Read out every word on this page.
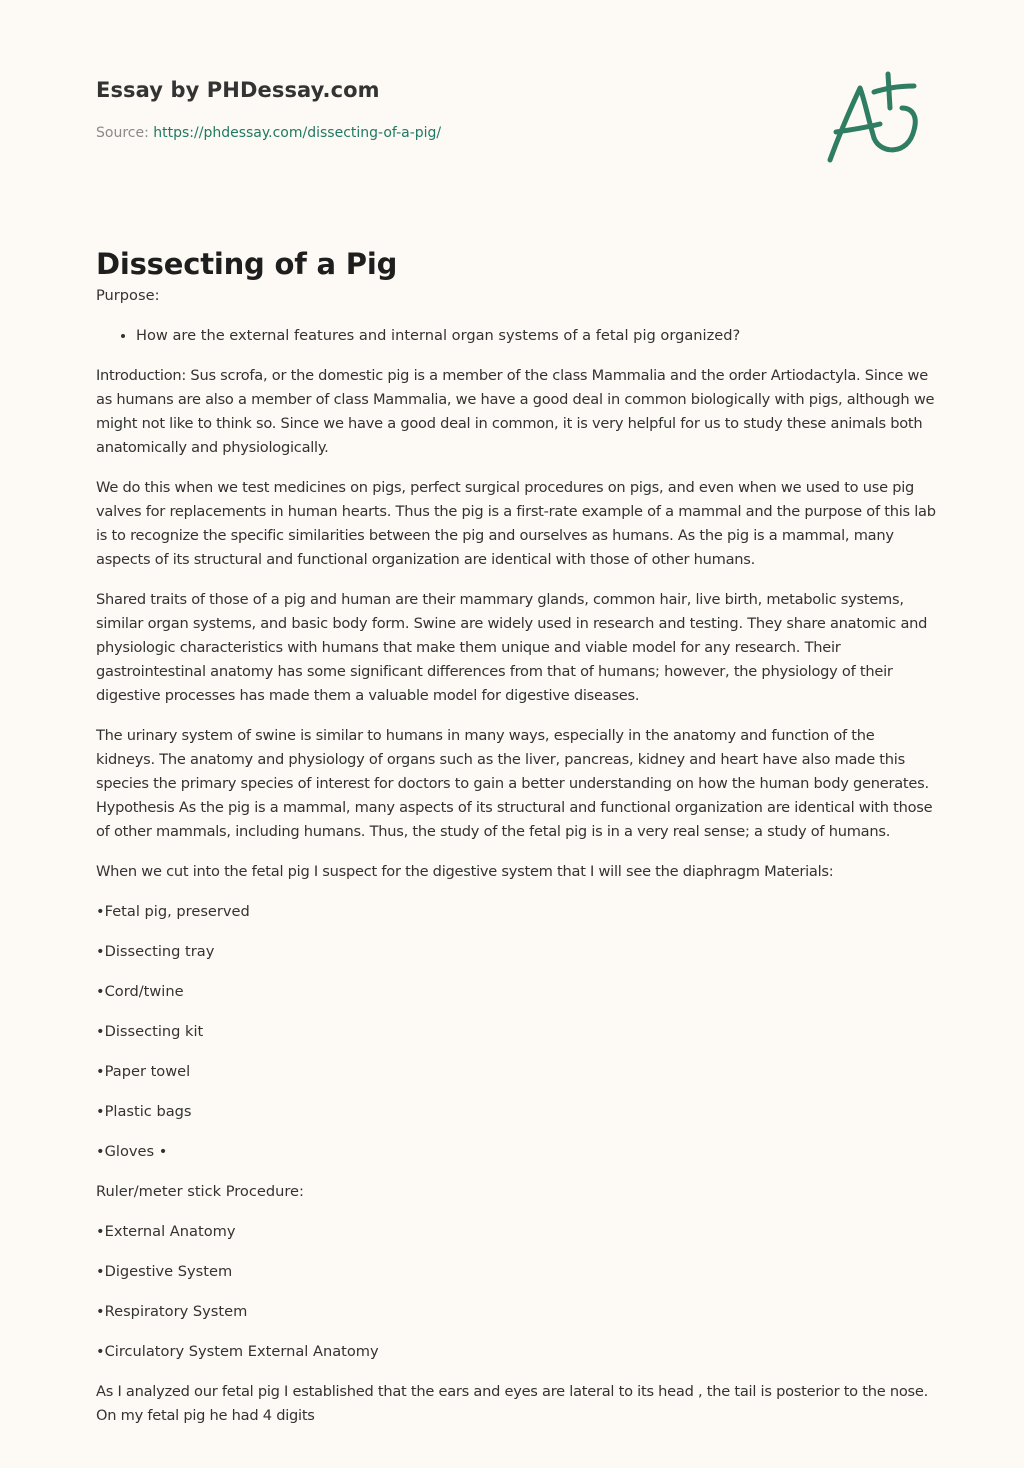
Essay by PHDessay.com
Source: https://phdessay.com/dissecting-of-a-pig/
Dissecting of a Pig

Purpose:

• How are the external features and internal organ systems of a fetal pig organized?

Introduction: Sus scrofa, or the domestic pig is a member of the class Mammalia and the order Artiodactyla. Since we as humans are also a member of class Mammalia, we have a good deal in common biologically with pigs, although we might not like to think so. Since we have a good deal in common, it is very helpful for us to study these animals both anatomically and physiologically.

We do this when we test medicines on pigs, perfect surgical procedures on pigs, and even when we used to use pig valves for replacements in human hearts. Thus the pig is a first-rate example of a mammal and the purpose of this lab is to recognize the specific similarities between the pig and ourselves as humans. As the pig is a mammal, many aspects of its structural and functional organization are identical with those of other humans.

Shared traits of those of a pig and human are their mammary glands, common hair, live birth, metabolic systems, similar organ systems, and basic body form. Swine are widely used in research and testing. They share anatomic and physiologic characteristics with humans that make them unique and viable model for any research. Their gastrointestinal anatomy has some significant differences from that of humans; however, the physiology of their digestive processes has made them a valuable model for digestive diseases.

The urinary system of swine is similar to humans in many ways, especially in the anatomy and function of the kidneys. The anatomy and physiology of organs such as the liver, pancreas, kidney and heart have also made this species the primary species of interest for doctors to gain a better understanding on how the human body generates. Hypothesis As the pig is a mammal, many aspects of its structural and functional organization are identical with those of other mammals, including humans. Thus, the study of the fetal pig is in a very real sense; a study of humans.

When we cut into the fetal pig I suspect for the digestive system that I will see the diaphragm Materials:

•Fetal pig, preserved

•Dissecting tray

•Cord/twine

•Dissecting kit

•Paper towel

•Plastic bags

•Gloves •

Ruler/meter stick Procedure:

•External Anatomy

•Digestive System

•Respiratory System

•Circulatory System External Anatomy

As I analyzed our fetal pig I established that the ears and eyes are lateral to its head , the tail is posterior to the nose. On my fetal pig he had 4 digits
